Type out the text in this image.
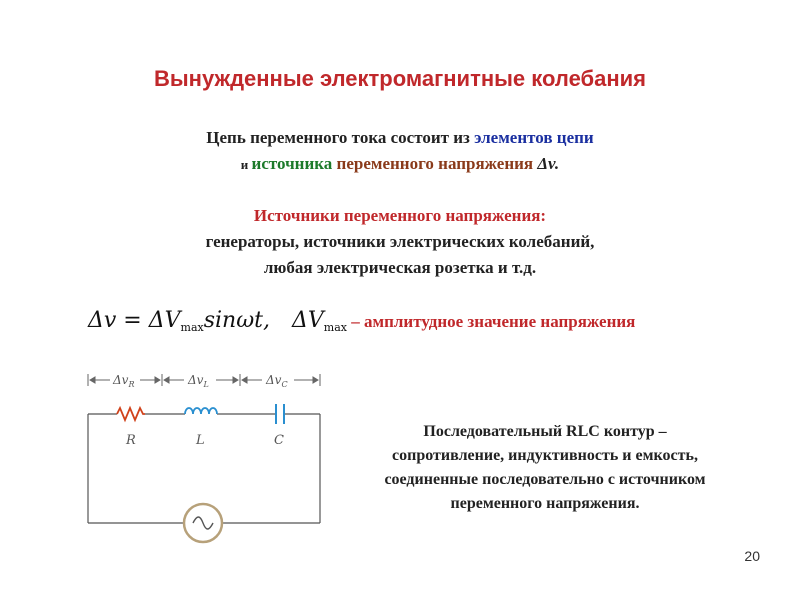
Вынужденные электромагнитные колебания
Цепь переменного тока состоит из элементов цепи
и источника переменного напряжения Δv.
Источники переменного напряжения:
генераторы, источники электрических колебаний,
любая электрическая розетка и т.д.
$\Delta v = \Delta V_{max}\sin\omega t$, $\Delta V_{max}$ – амплитудное значение напряжения
$\Delta v_R$	$\Delta v_L$	$\Delta v_C$
R	L	C
Последовательный RLC контур –
сопротивление, индуктивность и емкость,
соединенные последовательно с источником
переменного напряжения.
20
